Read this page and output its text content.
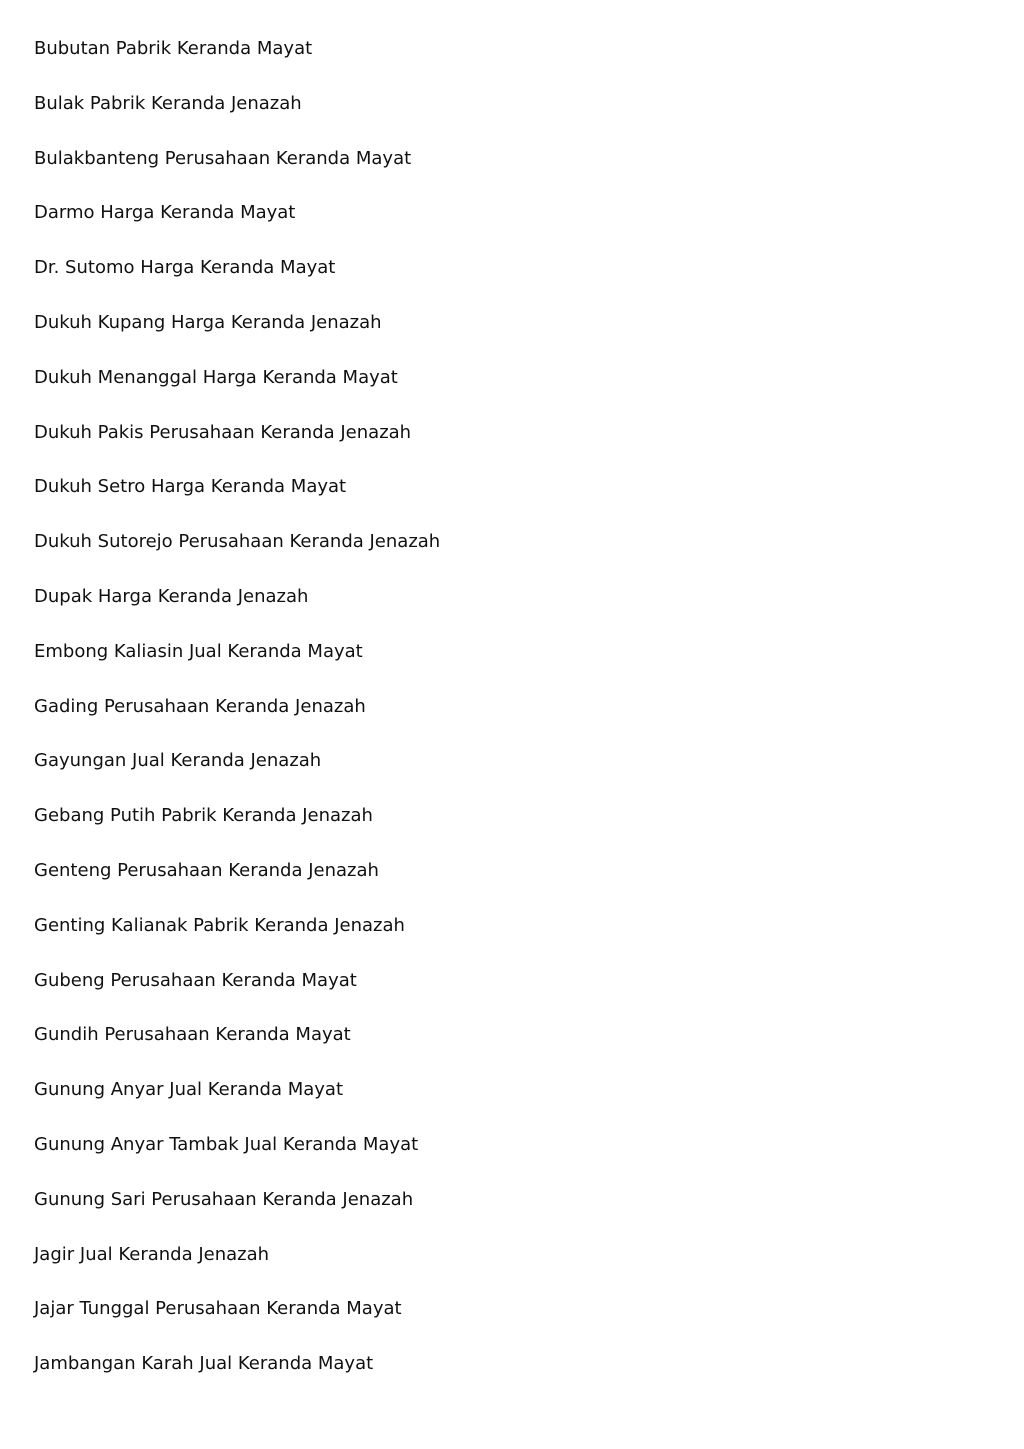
Bubutan Pabrik Keranda Mayat
Bulak Pabrik Keranda Jenazah
Bulakbanteng Perusahaan Keranda Mayat
Darmo Harga Keranda Mayat
Dr. Sutomo Harga Keranda Mayat
Dukuh Kupang Harga Keranda Jenazah
Dukuh Menanggal Harga Keranda Mayat
Dukuh Pakis Perusahaan Keranda Jenazah
Dukuh Setro Harga Keranda Mayat
Dukuh Sutorejo Perusahaan Keranda Jenazah
Dupak Harga Keranda Jenazah
Embong Kaliasin Jual Keranda Mayat
Gading Perusahaan Keranda Jenazah
Gayungan Jual Keranda Jenazah
Gebang Putih Pabrik Keranda Jenazah
Genteng Perusahaan Keranda Jenazah
Genting Kalianak Pabrik Keranda Jenazah
Gubeng Perusahaan Keranda Mayat
Gundih Perusahaan Keranda Mayat
Gunung Anyar Jual Keranda Mayat
Gunung Anyar Tambak Jual Keranda Mayat
Gunung Sari Perusahaan Keranda Jenazah
Jagir Jual Keranda Jenazah
Jajar Tunggal Perusahaan Keranda Mayat
Jambangan Karah Jual Keranda Mayat
